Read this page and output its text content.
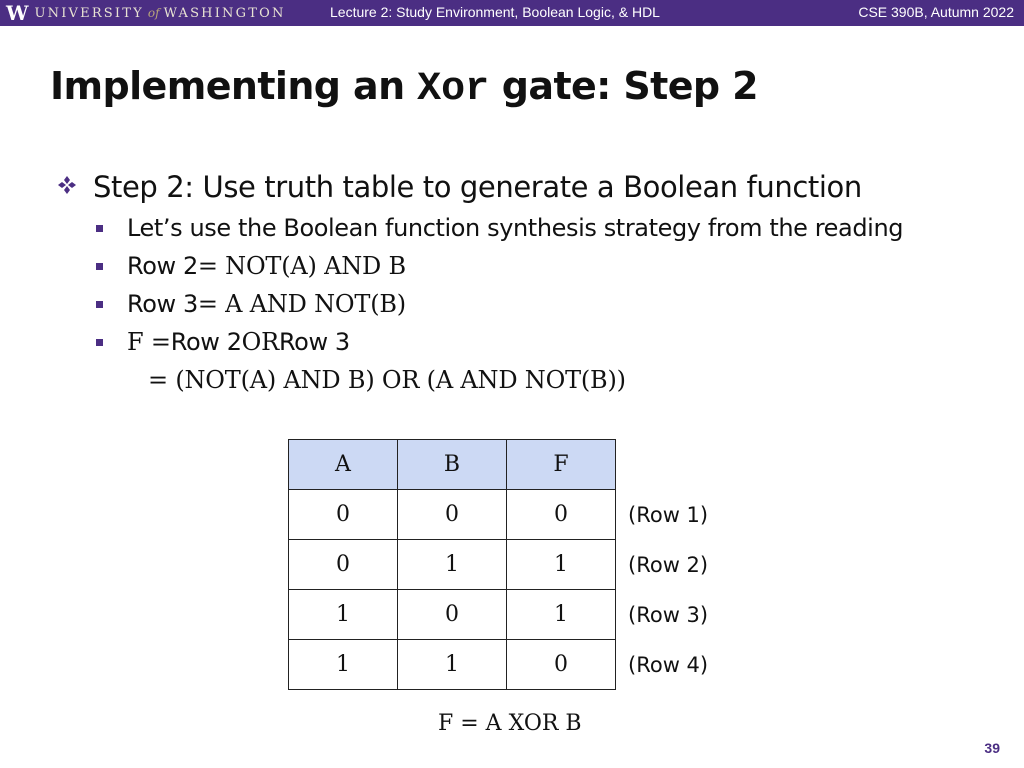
W UNIVERSITY of WASHINGTON	Lecture 2: Study Environment, Boolean Logic, & HDL	CSE 390B, Autumn 2022
Implementing an Xor gate: Step 2
Step 2: Use truth table to generate a Boolean function
Let’s use the Boolean function synthesis strategy from the reading
Row 2 = NOT(A) AND B
Row 3 = A AND NOT(B)
F = Row 2 OR Row 3
= (NOT(A) AND B) OR (A AND NOT(B))
A	B	F
0	0	0
0	1	1
1	0	1
1	1	0
(Row 1)
(Row 2)
(Row 3)
(Row 4)
F = A XOR B
39
